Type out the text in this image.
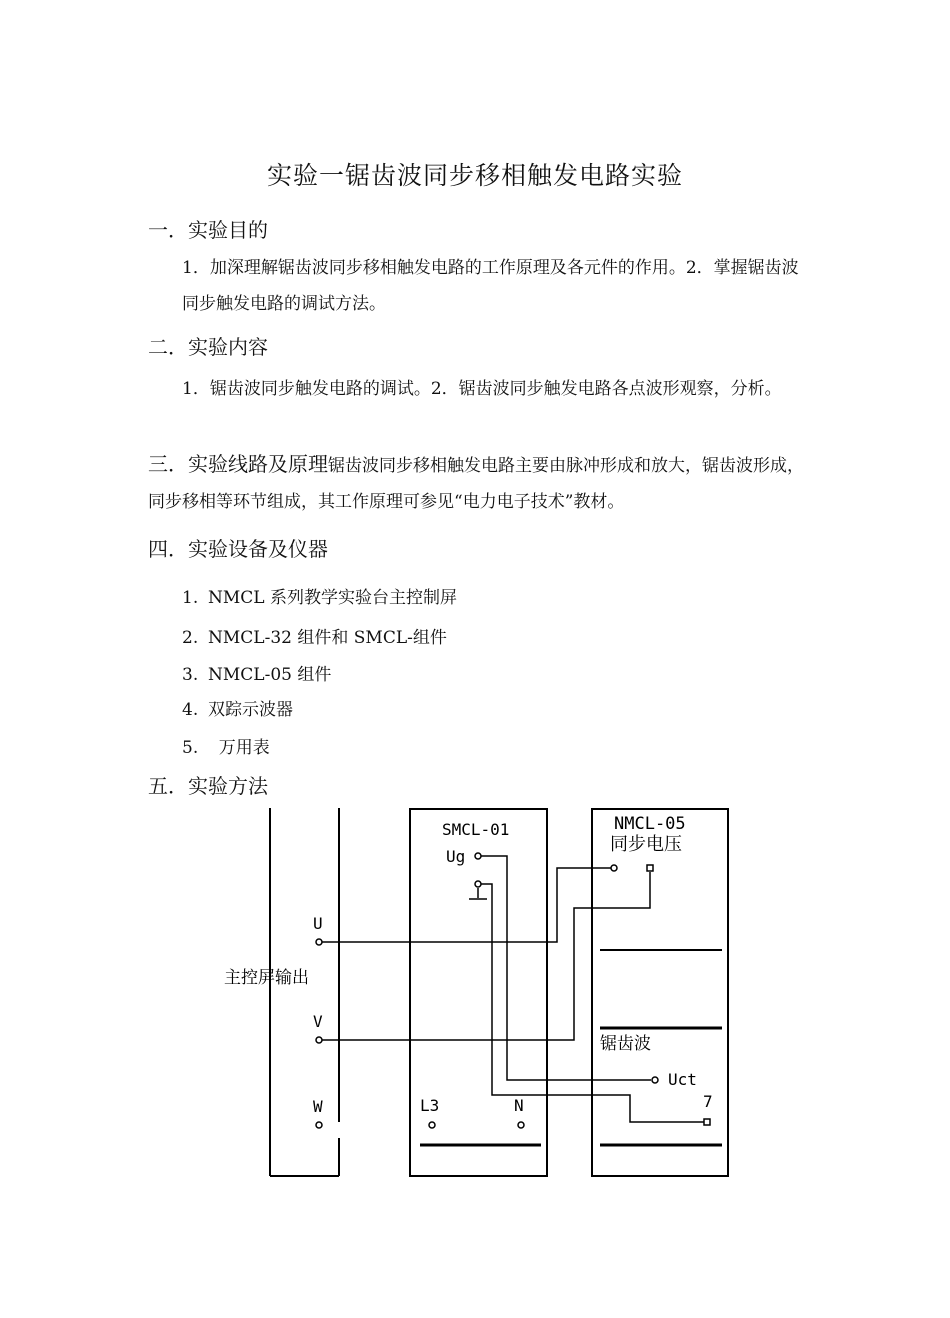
实验一锯齿波同步移相触发电路实验
一．实验目的
1．加深理解锯齿波同步移相触发电路的工作原理及各元件的作用。2．掌握锯齿波同步触发电路的调试方法。
二．实验内容
1．锯齿波同步触发电路的调试。2．锯齿波同步触发电路各点波形观察，分析。
三．实验线路及原理锯齿波同步移相触发电路主要由脉冲形成和放大，锯齿波形成，同步移相等环节组成，其工作原理可参见“电力电子技术”教材。
四．实验设备及仪器
1. NMCL 系列教学实验台主控制屏
2. NMCL-32 组件和 SMCL-组件
3. NMCL-05 组件
4. 双踪示波器
5.  万用表
五．实验方法
U
V
W
主控屏输出
SMCL-01
Ug
L3	N
NMCL-05
同步电压
锯齿波
Uct
7
